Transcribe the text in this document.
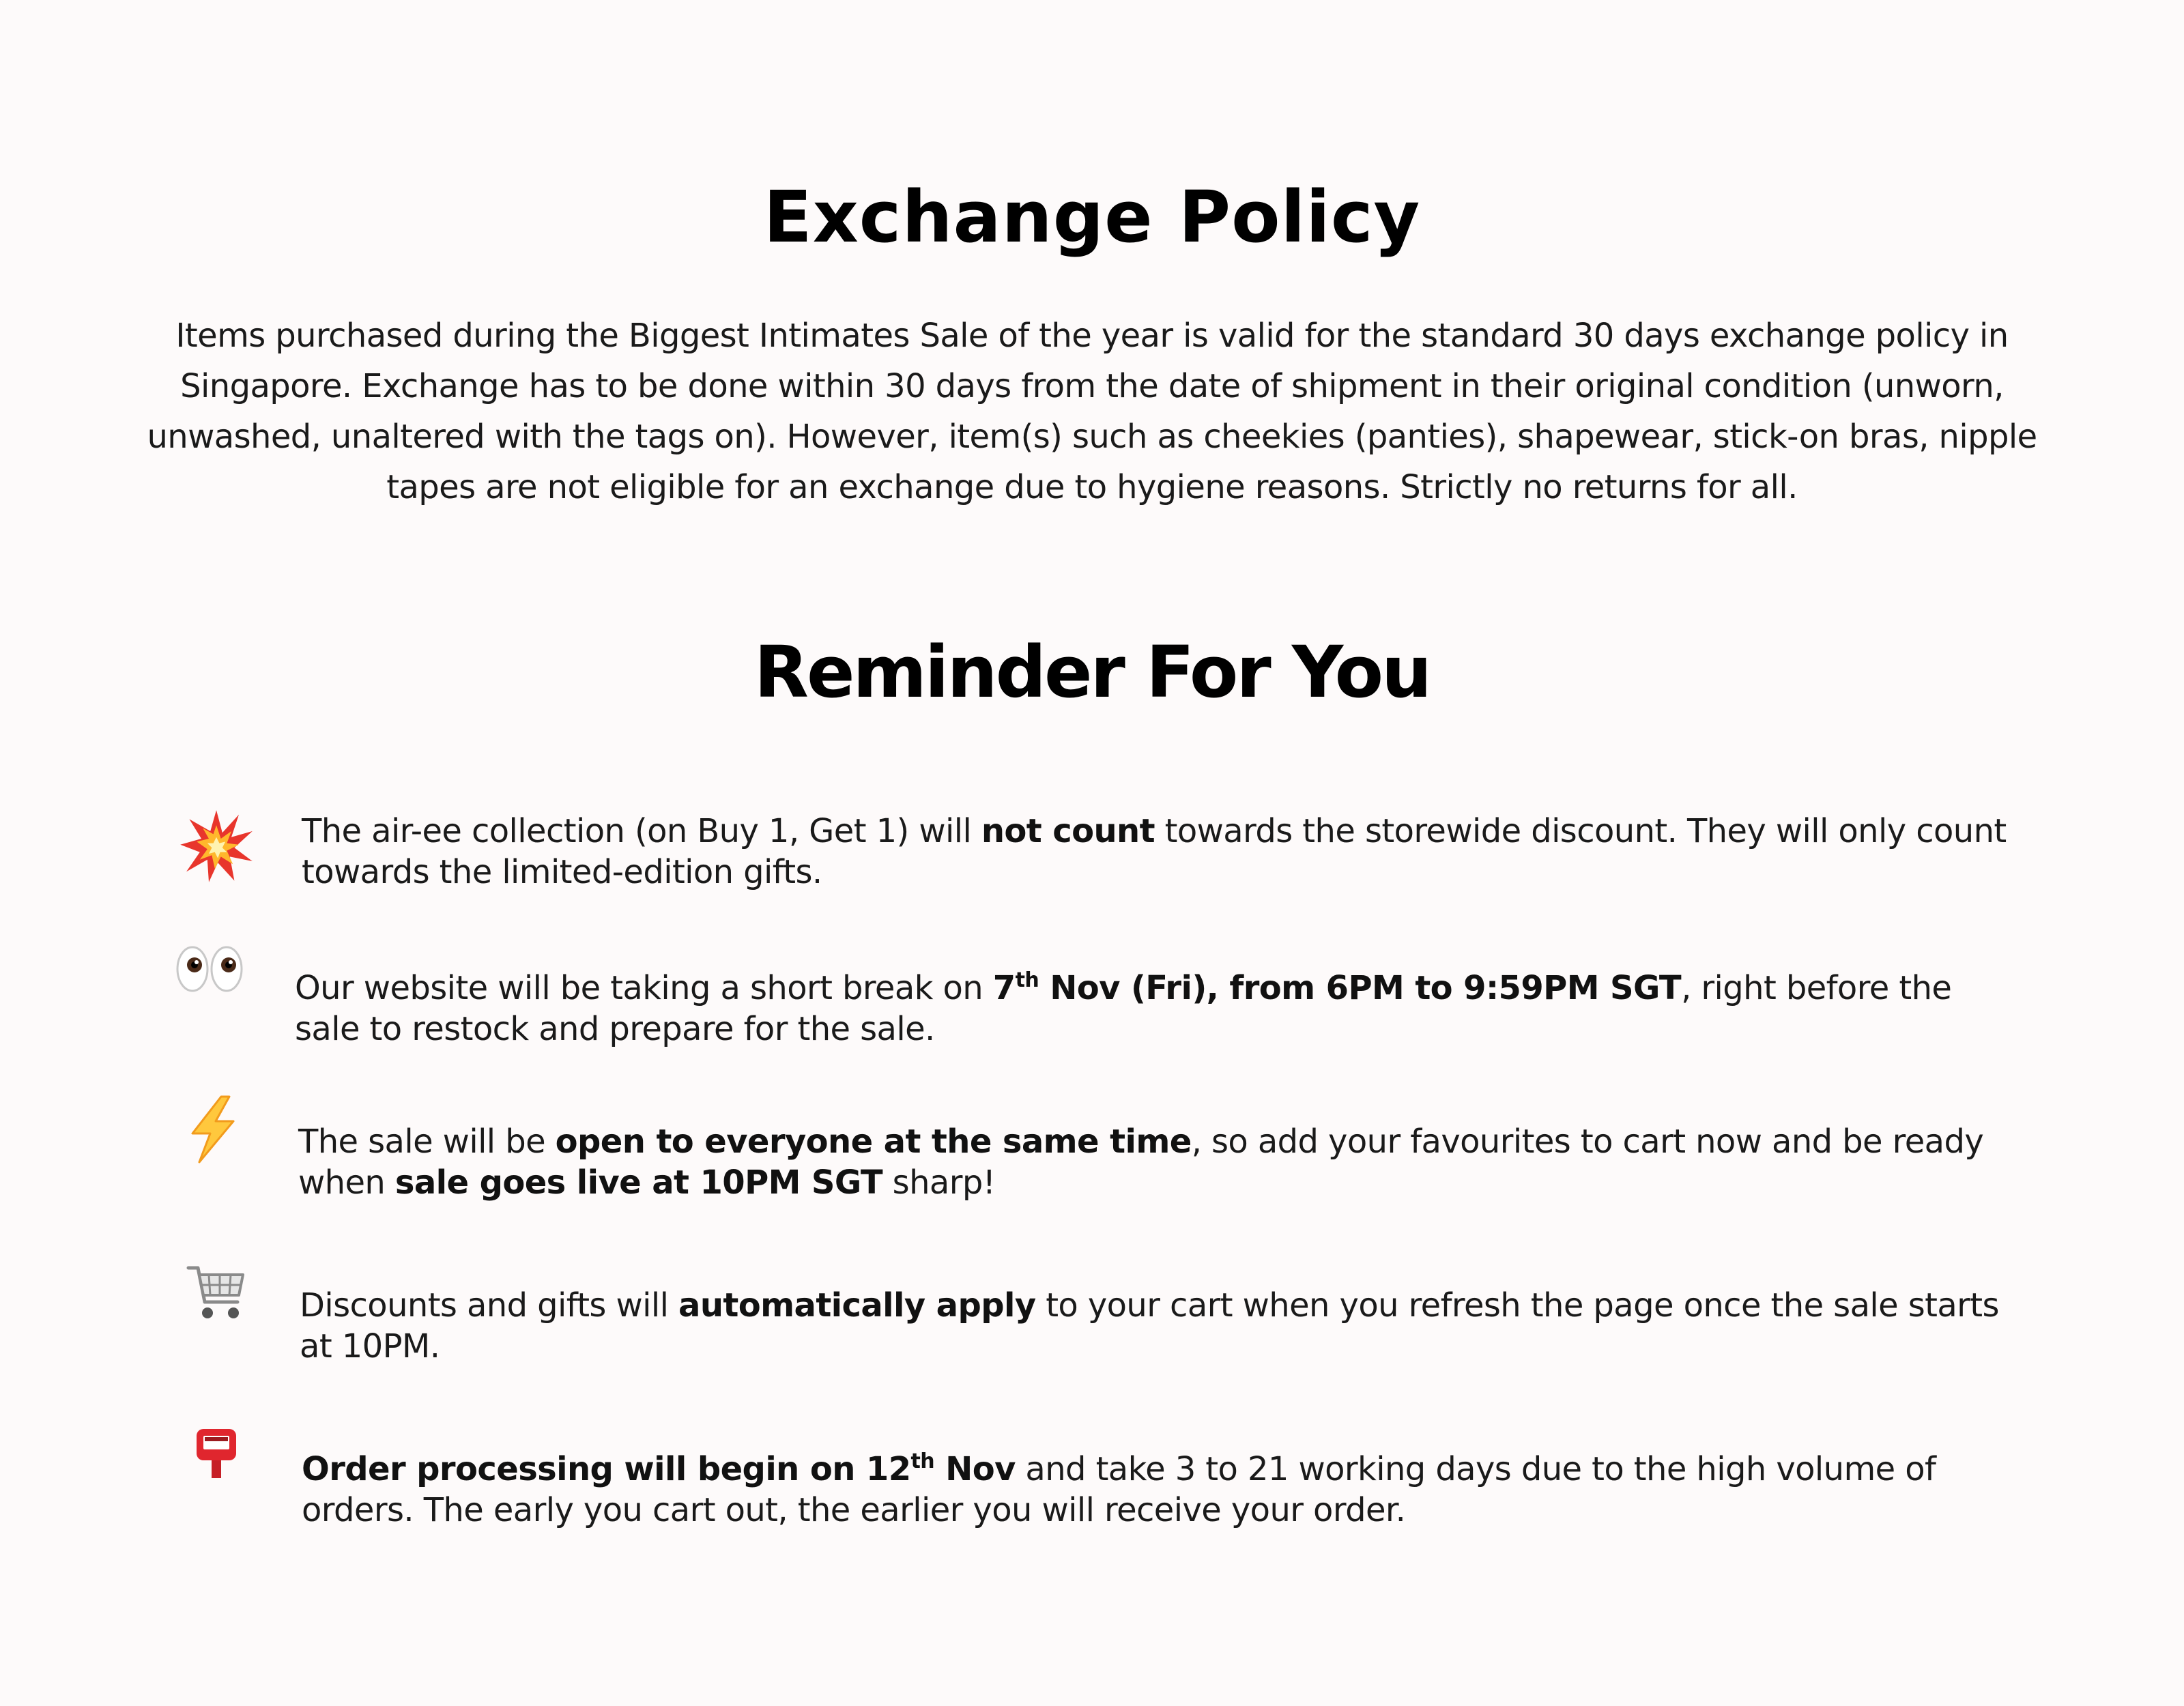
Exchange Policy

Items purchased during the Biggest Intimates Sale of the year is valid for the standard 30 days exchange policy in Singapore. Exchange has to be done within 30 days from the date of shipment in their original condition (unworn, unwashed, unaltered with the tags on). However, item(s) such as cheekies (panties), shapewear, stick-on bras, nipple tapes are not eligible for an exchange due to hygiene reasons. Strictly no returns for all.

Reminder For You

The air-ee collection (on Buy 1, Get 1) will not count towards the storewide discount. They will only count towards the limited-edition gifts.

Our website will be taking a short break on 7th Nov (Fri), from 6PM to 9:59PM SGT, right before the sale to restock and prepare for the sale.

The sale will be open to everyone at the same time, so add your favourites to cart now and be ready when sale goes live at 10PM SGT sharp!

Discounts and gifts will automatically apply to your cart when you refresh the page once the sale starts at 10PM.

Order processing will begin on 12th Nov and take 3 to 21 working days due to the high volume of orders. The early you cart out, the earlier you will receive your order.
